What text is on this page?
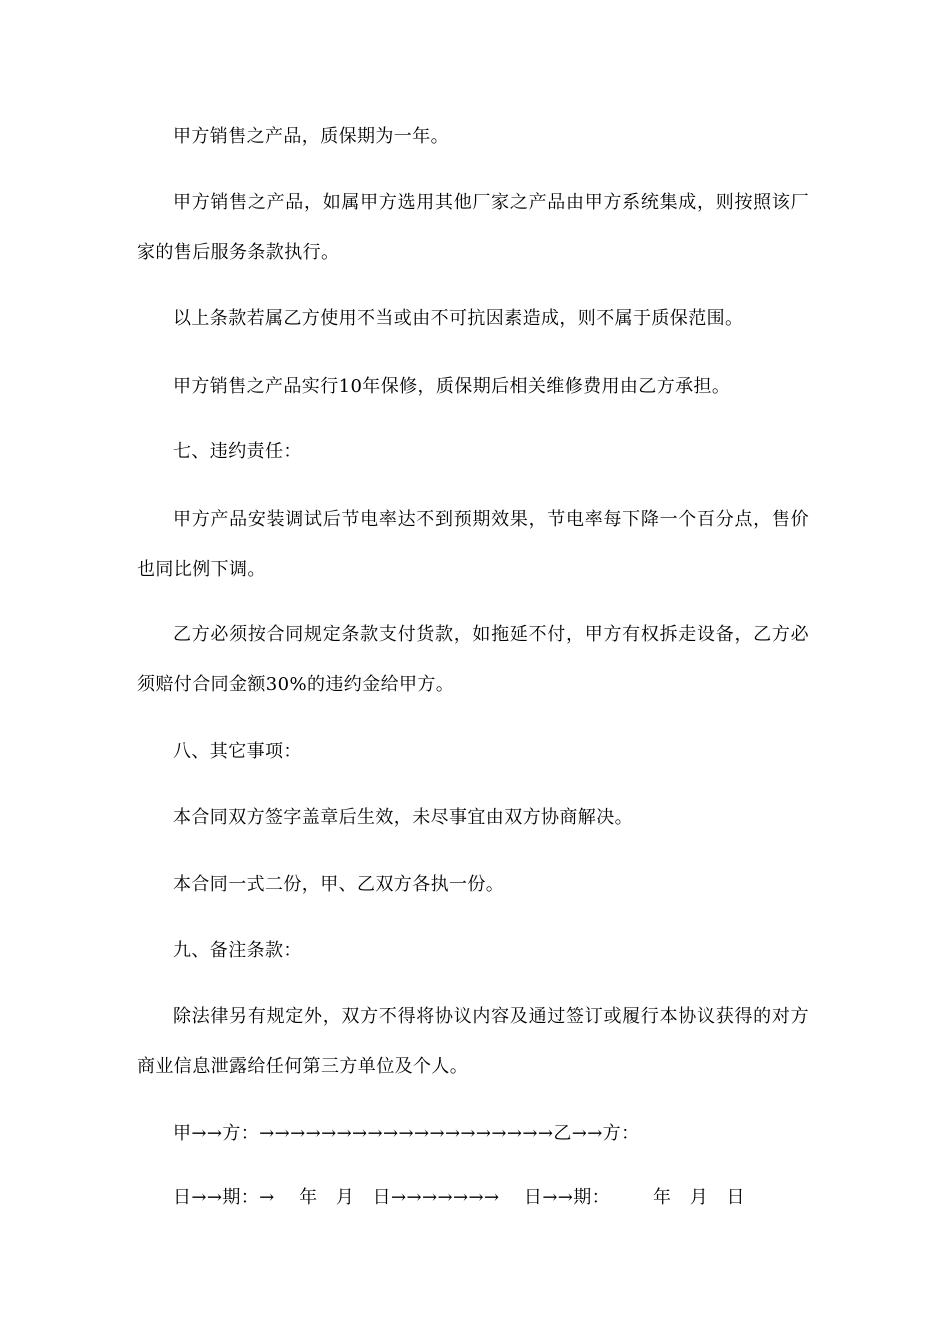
甲方销售之产品，质保期为一年。

甲方销售之产品，如属甲方选用其他厂家之产品由甲方系统集成，则按照该厂家的售后服务条款执行。

以上条款若属乙方使用不当或由不可抗因素造成，则不属于质保范围。

甲方销售之产品实行10年保修，质保期后相关维修费用由乙方承担。

七、违约责任：

甲方产品安装调试后节电率达不到预期效果，节电率每下降一个百分点，售价也同比例下调。

乙方必须按合同规定条款支付货款，如拖延不付，甲方有权拆走设备，乙方必须赔付合同金额30%的违约金给甲方。

八、其它事项：

本合同双方签字盖章后生效，未尽事宜由双方协商解决。

本合同一式二份，甲、乙双方各执一份。

九、备注条款：

除法律另有规定外，双方不得将协议内容及通过签订或履行本协议获得的对方商业信息泄露给任何第三方单位及个人。

甲→→方：→→→→→→→→→→→→→→→→→→→乙→→方：

日→→期：→    年   月   日→→→→→→→    日→→期：       年   月   日
